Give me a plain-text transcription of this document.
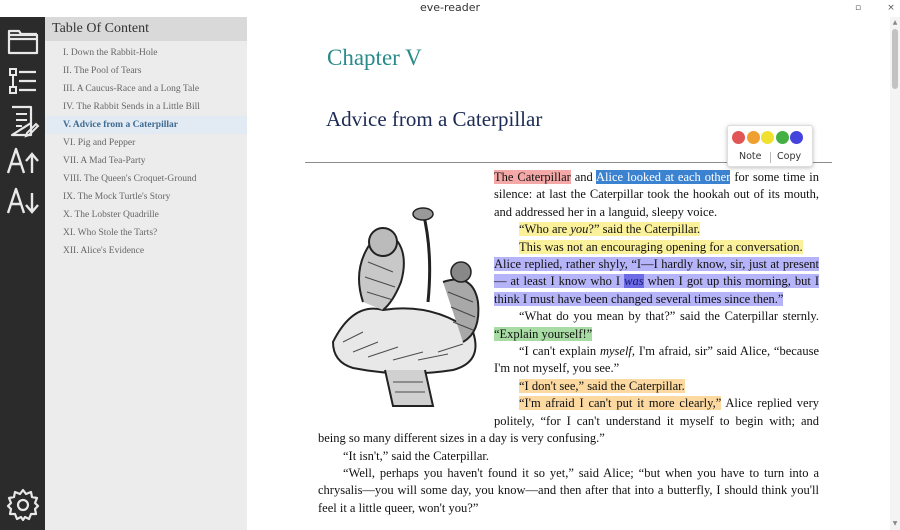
eve-reader	▫	×
Table Of Content
I. Down the Rabbit-Hole
II. The Pool of Tears
III. A Caucus-Race and a Long Tale
IV. The Rabbit Sends in a Little Bill
V. Advice from a Caterpillar
VI. Pig and Pepper
VII. A Mad Tea-Party
VIII. The Queen's Croquet-Ground
IX. The Mock Turtle's Story
X. The Lobster Quadrille
XI. Who Stole the Tarts?
XII. Alice's Evidence
Chapter V
Advice from a Caterpillar

The Caterpillar and Alice looked at each other for some time in silence: at last the Caterpillar took the hookah out of its mouth, and addressed her in a languid, sleepy voice.

“Who are you?” said the Caterpillar.

This was not an encouraging opening for a conversation.

Alice replied, rather shyly, “I—I hardly know, sir, just at present— at least I know who I was when I got up this morning, but I think I must have been changed several times since then.”

“What do you mean by that?” said the Caterpillar sternly. “Explain yourself!”

“I can't explain myself, I'm afraid, sir” said Alice, “because I'm not myself, you see.”

“I don't see,” said the Caterpillar.

“I'm afraid I can't put it more clearly,” Alice replied very politely, “for I can't understand it myself to begin with; and being so many different sizes in a day is very confusing.”

“It isn't,” said the Caterpillar.

“Well, perhaps you haven't found it so yet,” said Alice; “but when you have to turn into a chrysalis—you will some day, you know—and then after that into a butterfly, I should think you'll feel it a little queer, won't you?”

Note Copy
▲
▼
